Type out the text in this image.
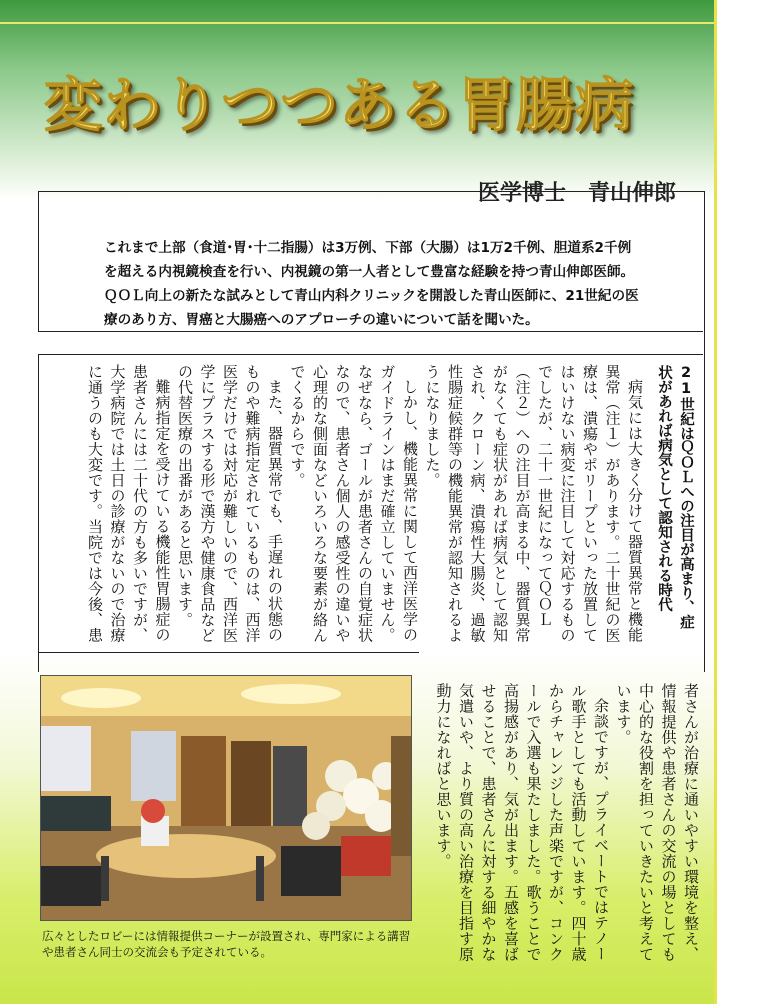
変わりつつある胃腸病
医学博士　青山伸郎

これまで上部（食道･胃･十二指腸）は3万例、下部（大腸）は1万2千例、胆道系2千例を超える内視鏡検査を行い、内視鏡の第一人者として豊富な経験を持つ青山伸郎医師。ＱＯＬ向上の新たな試みとして青山内科クリニックを開設した青山医師に、21世紀の医療のあり方、胃癌と大腸癌へのアプローチの違いについて話を聞いた。

21世紀はＱＯＬへの注目が高まり、症状があれば病気として認知される時代

病気には大きく分けて器質異常と機能異常（注１）があります。二十世紀の医療は、潰瘍やポリープといった放置してはいけない病変に注目して対応するものでしたが、二十一世紀になってＱＯＬ（注２）への注目が高まる中、器質異常がなくても症状があれば病気として認知され、クローン病、潰瘍性大腸炎、過敏性腸症候群等の機能異常が認知されるようになりました。

しかし、機能異常に関して西洋医学のガイドラインはまだ確立していません。なぜなら、ゴールが患者さんの自覚症状なので、患者さん個人の感受性の違いや心理的な側面などいろいろな要素が絡んでくるからです。

また、器質異常でも、手遅れの状態のものや難病指定されているものは、西洋医学だけでは対応が難しいので、西洋医学にプラスする形で漢方や健康食品などの代替医療の出番があると思います。

難病指定を受けている機能性胃腸症の患者さんには二十代の方も多いですが、大学病院では土日の診療がないので治療に通うのも大変です。当院では今後、患

者さんが治療に通いやすい環境を整え、情報提供や患者さんの交流の場としても中心的な役割を担っていきたいと考えています。

余談ですが、プライベートではテノール歌手としても活動しています。四十歳からチャレンジした声楽ですが、コンクールで入選も果たしました。歌うことで高揚感があり、気が出ます。五感を喜ばせることで、患者さんに対する細やかな気遣いや、より質の高い治療を目指す原動力になればと思います。

広々としたロビーには情報提供コーナーが設置され、専門家による講習や患者さん同士の交流会も予定されている。
